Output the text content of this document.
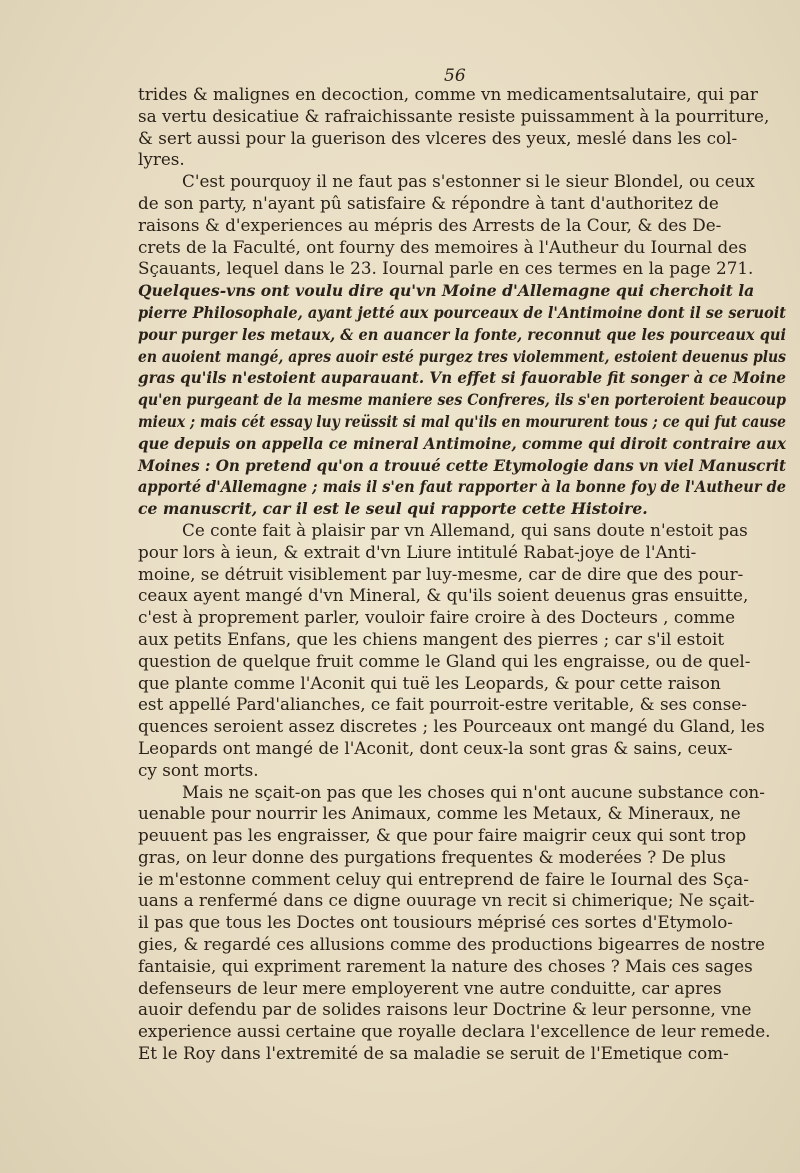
56

trides & malignes en decoction, comme vn medicamentsalutaire, qui par
sa vertu desicatiue & rafraichissante resiste puissamment à la pourriture,
& sert aussi pour la guerison des vlceres des yeux, meslé dans les col-
lyres.

C'est pourquoy il ne faut pas s'estonner si le sieur Blondel, ou ceux
de son party, n'ayant pû satisfaire & répondre à tant d'authoritez de
raisons & d'experiences au mépris des Arrests de la Cour, & des De-
crets de la Faculté, ont fourny des memoires à l'Autheur du Iournal des
Sçauants, lequel dans le 23. Iournal parle en ces termes en la page 271.

Quelques-vns ont voulu dire qu'vn Moine d'Allemagne qui cherchoit la
pierre Philosophale, ayant jetté aux pourceaux de l'Antimoine dont il se seruoit
pour purger les metaux, & en auancer la fonte, reconnut que les pourceaux qui
en auoient mangé, apres auoir esté purgez tres violemment, estoient deuenus plus
gras qu'ils n'estoient auparauant. Vn effet si fauorable fit songer à ce Moine
qu'en purgeant de la mesme maniere ses Confreres, ils s'en porteroient beaucoup
mieux ; mais cét essay luy reüssit si mal qu'ils en moururent tous ; ce qui fut cause
que depuis on appella ce mineral Antimoine, comme qui diroit contraire aux
Moines : On pretend qu'on a trouué cette Etymologie dans vn viel Manuscrit
apporté d'Allemagne ; mais il s'en faut rapporter à la bonne foy de l'Autheur de
ce manuscrit, car il est le seul qui rapporte cette Histoire.

Ce conte fait à plaisir par vn Allemand, qui sans doute n'estoit pas
pour lors à ieun, & extrait d'vn Liure intitulé Rabat-joye de l'Anti-
moine, se détruit visiblement par luy-mesme, car de dire que des pour-
ceaux ayent mangé d'vn Mineral, & qu'ils soient deuenus gras ensuitte,
c'est à proprement parler, vouloir faire croire à des Docteurs , comme
aux petits Enfans, que les chiens mangent des pierres ; car s'il estoit
question de quelque fruit comme le Gland qui les engraisse, ou de quel-
que plante comme l'Aconit qui tuë les Leopards, & pour cette raison
est appellé Pard'alianches, ce fait pourroit-estre veritable, & ses conse-
quences seroient assez discretes ; les Pourceaux ont mangé du Gland, les
Leopards ont mangé de l'Aconit, dont ceux-la sont gras & sains, ceux-
cy sont morts.

Mais ne sçait-on pas que les choses qui n'ont aucune substance con-
uenable pour nourrir les Animaux, comme les Metaux, & Mineraux, ne
peuuent pas les engraisser, & que pour faire maigrir ceux qui sont trop
gras, on leur donne des purgations frequentes & moderées ? De plus
ie m'estonne comment celuy qui entreprend de faire le Iournal des Sça-
uans a renfermé dans ce digne ouurage vn recit si chimerique; Ne sçait-
il pas que tous les Doctes ont tousiours méprisé ces sortes d'Etymolo-
gies, & regardé ces allusions comme des productions bigearres de nostre
fantaisie, qui expriment rarement la nature des choses ? Mais ces sages
defenseurs de leur mere employerent vne autre conduitte, car apres
auoir defendu par de solides raisons leur Doctrine & leur personne, vne
experience aussi certaine que royalle declara l'excellence de leur remede.
Et le Roy dans l'extremité de sa maladie se seruit de l'Emetique com-
